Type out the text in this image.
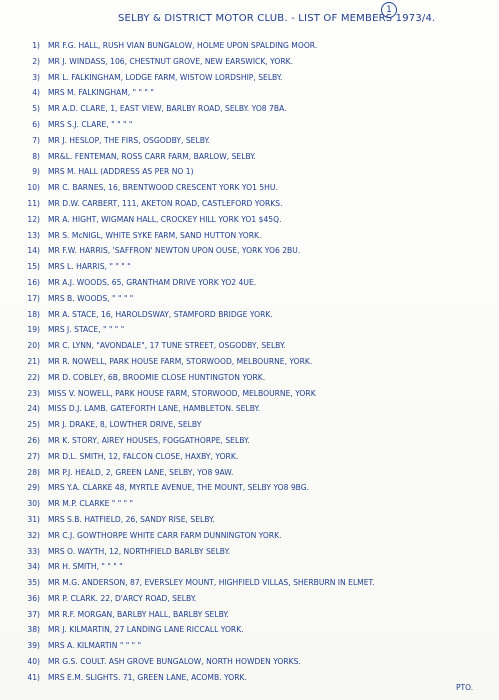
1
SELBY & DISTRICT MOTOR CLUB. - LIST OF MEMBERS 1973/4.
1)	MR F.G. HALL, RUSH VIAN BUNGALOW, HOLME UPON SPALDING MOOR.
2)	MR J. WINDASS, 106, CHESTNUT GROVE, NEW EARSWICK, YORK.
3)	MR L. FALKINGHAM, LODGE FARM, WISTOW LORDSHIP, SELBY.
4)	MRS M. FALKINGHAM, " " " "
5)	MR A.D. CLARE, 1, EAST VIEW, BARLBY ROAD, SELBY. YO8 7BA.
6)	MRS S.J. CLARE, " " " "
7)	MR J. HESLOP, THE FIRS, OSGODBY, SELBY.
8)	MR&L. FENTEMAN, ROSS CARR FARM, BARLOW, SELBY.
9)	MRS M. HALL (ADDRESS AS PER NO 1)
10)	MR C. BARNES, 16, BRENTWOOD CRESCENT YORK YO1 5HU.
11)	MR D.W. CARBERT, 111, AKETON ROAD, CASTLEFORD YORKS.
12)	MR A. HIGHT, WIGMAN HALL, CROCKEY HILL YORK YO1 $45Q.
13)	MR S. McNIGL, WHITE SYKE FARM, SAND HUTTON YORK.
14)	MR F.W. HARRIS, 'SAFFRON' NEWTON UPON OUSE, YORK YO6 2BU.
15)	MRS L. HARRIS, " " " "
16)	MR A.J. WOODS, 65, GRANTHAM DRIVE YORK YO2 4UE.
17)	MRS B. WOODS, " " " "
18)	MR A. STACE, 16, HAROLDSWAY, STAMFORD BRIDGE YORK.
19)	MRS J. STACE, " " " "
20)	MR C. LYNN, "AVONDALE", 17 TUNE STREET, OSGODBY, SELBY.
21)	MR R. NOWELL, PARK HOUSE FARM, STORWOOD, MELBOURNE, YORK.
22)	MR D. COBLEY, 6B, BROOMIE CLOSE HUNTINGTON YORK.
23)	MISS V. NOWELL, PARK HOUSE FARM, STORWOOD, MELBOURNE, YORK
24)	MISS D.J. LAMB. GATEFORTH LANE, HAMBLETON. SELBY.
25)	MR J. DRAKE, 8, LOWTHER DRIVE, SELBY
26)	MR K. STORY, AIREY HOUSES, FOGGATHORPE, SELBY.
27)	MR D.L. SMITH, 12, FALCON CLOSE, HAXBY, YORK.
28)	MR P.J. HEALD, 2, GREEN LANE, SELBY, YO8 9AW.
29)	MRS Y.A. CLARKE 48, MYRTLE AVENUE, THE MOUNT, SELBY YO8 9BG.
30)	MR M.P. CLARKE " " " "
31)	MRS S.B. HATFIELD, 26, SANDY RISE, SELBY.
32)	MR C.J. GOWTHORPE WHITE CARR FARM DUNNINGTON YORK.
33)	MRS O. WAYTH, 12, NORTHFIELD BARLBY SELBY.
34)	MR H. SMITH, " " " "
35)	MR M.G. ANDERSON, 87, EVERSLEY MOUNT, HIGHFIELD VILLAS, SHERBURN IN ELMET.
36)	MR P. CLARK. 22, D'ARCY ROAD, SELBY.
37)	MR R.F. MORGAN, BARLBY HALL, BARLBY SELBY.
38)	MR J. KILMARTIN, 27 LANDING LANE RICCALL YORK.
39)	MRS A. KILMARTIN " " " "
40)	MR G.S. COULT. ASH GROVE BUNGALOW, NORTH HOWDEN YORKS.
41)	MRS E.M. SLIGHTS. 71, GREEN LANE, ACOMB. YORK.
PTO.
